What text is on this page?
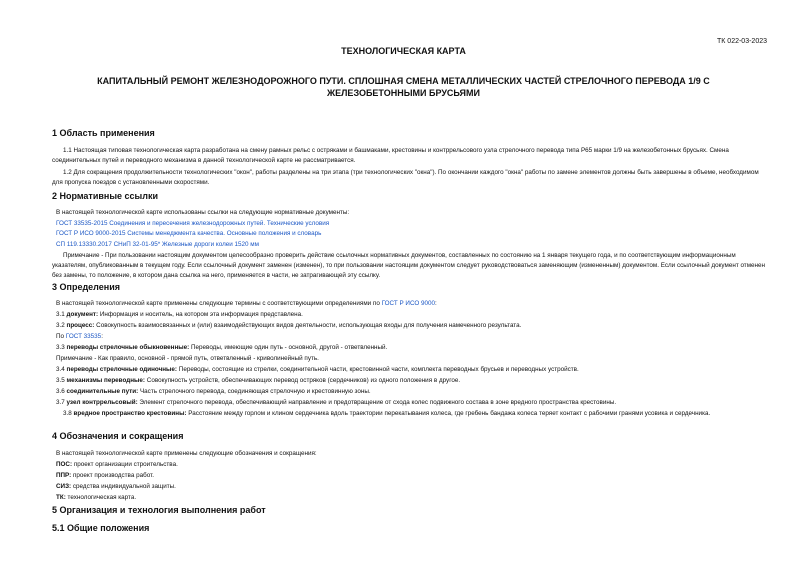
ТК 022-03-2023
ТЕХНОЛОГИЧЕСКАЯ КАРТА
КАПИТАЛЬНЫЙ РЕМОНТ ЖЕЛЕЗНОДОРОЖНОГО ПУТИ. СПЛОШНАЯ СМЕНА МЕТАЛЛИЧЕСКИХ ЧАСТЕЙ СТРЕЛОЧНОГО ПЕРЕВОДА 1/9 С ЖЕЛЕЗОБЕТОННЫМИ БРУСЬЯМИ
1 Область применения
1.1 Настоящая типовая технологическая карта разработана на смену рамных рельс с остряками и башмаками, крестовины и контррельсового узла стрелочного перевода типа Р65 марки 1/9 на железобетонных брусьях. Смена соединительных путей и переводного механизма в данной технологической карте не рассматривается.
1.2 Для сокращения продолжительности технологических "окон", работы разделены на три этапа (три технологических "окна"). По окончании каждого "окна" работы по замене элементов должны быть завершены в объеме, необходимом для пропуска поездов с установленными скоростями.
2 Нормативные ссылки
В настоящей технологической карте использованы ссылки на следующие нормативные документы:
ГОСТ 33535-2015 Соединения и пересечения железнодорожных путей. Технические условия
ГОСТ Р ИСО 9000-2015 Системы менеджмента качества. Основные положения и словарь
СП 119.13330.2017 СНиП 32-01-95* Железные дороги колеи 1520 мм
Примечание - При пользовании настоящим документом целесообразно проверить действие ссылочных нормативных документов, составленных по состоянию на 1 января текущего года, и по соответствующим информационным указателям, опубликованным в текущем году. Если ссылочный документ заменен (изменен), то при пользовании настоящим документом следует руководствоваться заменяющим (измененным) документом. Если ссылочный документ отменен без замены, то положение, в котором дана ссылка на него, применяется в части, не затрагивающей эту ссылку.
3 Определения
В настоящей технологической карте применены следующие термины с соответствующими определениями по ГОСТ Р ИСО 9000:
3.1 документ: Информация и носитель, на котором эта информация представлена.
3.2 процесс: Совокупность взаимосвязанных и (или) взаимодействующих видов деятельности, использующая входы для получения намеченного результата.
По ГОСТ 33535:
3.3 переводы стрелочные обыкновенные: Переводы, имеющие один путь - основной, другой - ответвленный.
Примечание - Как правило, основной - прямой путь, ответвленный - криволинейный путь.
3.4 переводы стрелочные одиночные: Переводы, состоящие из стрелки, соединительной части, крестовинной части, комплекта переводных брусьев и переводных устройств.
3.5 механизмы переводные: Совокупность устройств, обеспечивающих перевод остряков (сердечников) из одного положения в другое.
3.6 соединительные пути: Часть стрелочного перевода, соединяющая стрелочную и крестовинную зоны.
3.7 узел контррельсовый: Элемент стрелочного перевода, обеспечивающий направление и предотвращение от схода колес подвижного состава в зоне вредного пространства крестовины.
3.8 вредное пространство крестовины: Расстояние между горлом и клином сердечника вдоль траектории перекатывания колеса, где гребень бандажа колеса теряет контакт с рабочими гранями усовика и сердечника.
4 Обозначения и сокращения
В настоящей технологической карте применены следующие обозначения и сокращения:
ПОС: проект организации строительства.
ППР: проект производства работ.
СИЗ: средства индивидуальной защиты.
ТК: технологическая карта.
5 Организация и технология выполнения работ
5.1 Общие положения
